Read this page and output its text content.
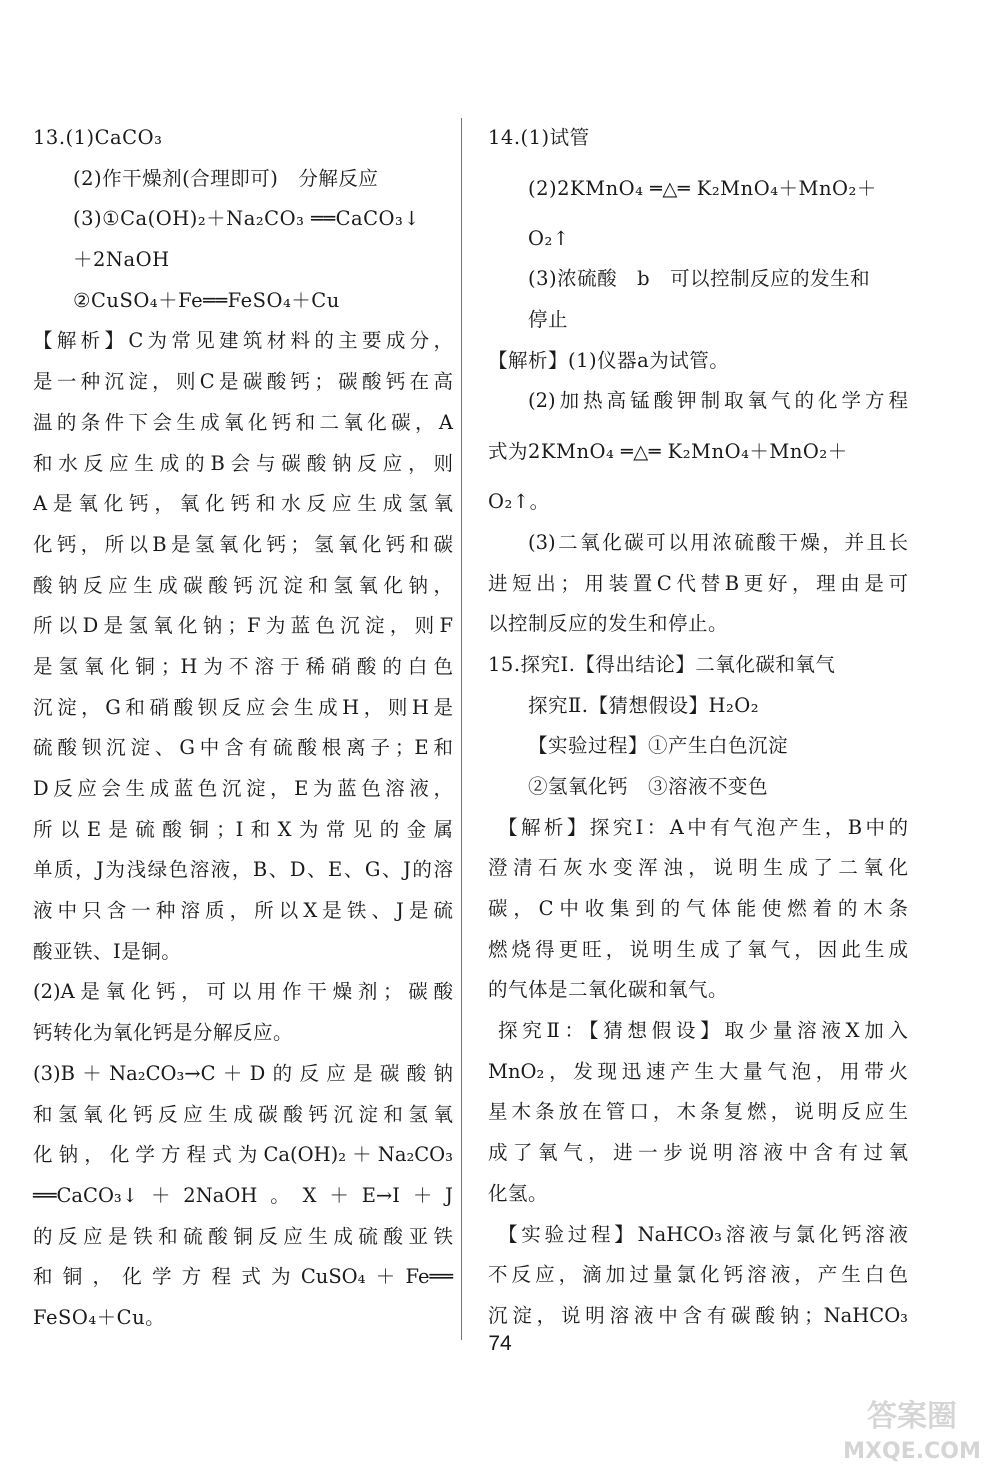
13.(1)CaCO₃
(2)作干燥剂(合理即可)　分解反应
(3)①Ca(OH)₂＋Na₂CO₃ ══CaCO₃↓
＋2NaOH
②CuSO₄＋Fe══FeSO₄＋Cu
【解析】C为常见建筑材料的主要成分，
是一种沉淀，则C是碳酸钙；碳酸钙在高
温的条件下会生成氧化钙和二氧化碳，A
和水反应生成的B会与碳酸钠反应，则
A是氧化钙，氧化钙和水反应生成氢氧
化钙，所以B是氢氧化钙；氢氧化钙和碳
酸钠反应生成碳酸钙沉淀和氢氧化钠，
所以D是氢氧化钠；F为蓝色沉淀，则F
是氢氧化铜；H为不溶于稀硝酸的白色
沉淀，G和硝酸钡反应会生成H，则H是
硫酸钡沉淀、G中含有硫酸根离子；E和
D反应会生成蓝色沉淀，E为蓝色溶液，
所以E是硫酸铜；I和X为常见的金属
单质，J为浅绿色溶液，B、D、E、G、J的溶
液中只含一种溶质，所以X是铁、J是硫
酸亚铁、I是铜。
(2)A是氧化钙，可以用作干燥剂；碳酸
钙转化为氧化钙是分解反应。
(3)B＋Na₂CO₃→C＋D的反应是碳酸钠
和氢氧化钙反应生成碳酸钙沉淀和氢氧
化钠，化学方程式为Ca(OH)₂＋Na₂CO₃
══CaCO₃↓＋2NaOH。X＋E→I＋J
的反应是铁和硫酸铜反应生成硫酸亚铁
和铜，化学方程式为CuSO₄＋Fe══
FeSO₄＋Cu。
14.(1)试管
(2)2KMnO₄ ═△═ K₂MnO₄＋MnO₂＋
O₂↑
(3)浓硫酸　b　可以控制反应的发生和
停止
【解析】(1)仪器a为试管。
(2)加热高锰酸钾制取氧气的化学方程
式为2KMnO₄ ═△═ K₂MnO₄＋MnO₂＋
O₂↑。
(3)二氧化碳可以用浓硫酸干燥，并且长
进短出；用装置C代替B更好，理由是可
以控制反应的发生和停止。
15.探究Ⅰ.【得出结论】二氧化碳和氧气
探究Ⅱ.【猜想假设】H₂O₂
【实验过程】①产生白色沉淀
②氢氧化钙　③溶液不变色
【解析】探究Ⅰ：A中有气泡产生，B中的
澄清石灰水变浑浊，说明生成了二氧化
碳，C中收集到的气体能使燃着的木条
燃烧得更旺，说明生成了氧气，因此生成
的气体是二氧化碳和氧气。
探究Ⅱ：【猜想假设】取少量溶液X加入
MnO₂，发现迅速产生大量气泡，用带火
星木条放在管口，木条复燃，说明反应生
成了氧气，进一步说明溶液中含有过氧
化氢。
【实验过程】NaHCO₃溶液与氯化钙溶液
不反应，滴加过量氯化钙溶液，产生白色
沉淀，说明溶液中含有碳酸钠；NaHCO₃
74
答案圈
MXQE.COM
